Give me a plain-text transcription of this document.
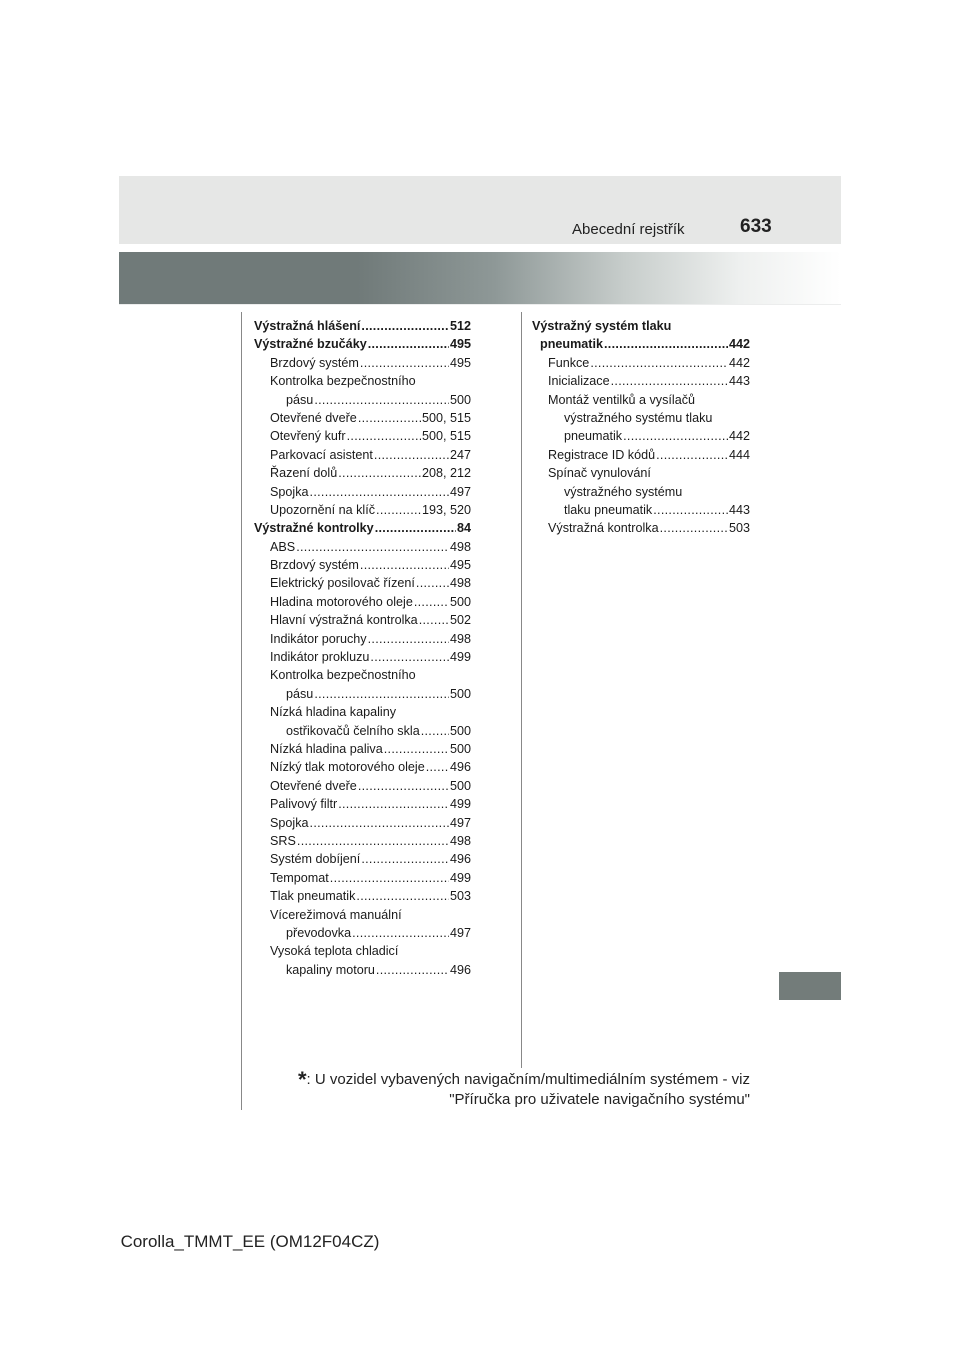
Abecední rejstřík	633
Výstražná hlášení .....	512
Výstražné bzučáky .....	495
Brzdový systém .....	495
Kontrolka bezpečnostního
pásu .....	500
Otevřené dveře .....	500, 515
Otevřený kufr .....	500, 515
Parkovací asistent .....	247
Řazení dolů .....	208, 212
Spojka .....	497
Upozornění na klíč .....	193, 520
Výstražné kontrolky .....	84
ABS .....	498
Brzdový systém .....	495
Elektrický posilovač řízení .....	498
Hladina motorového oleje .....	500
Hlavní výstražná kontrolka .....	502
Indikátor poruchy .....	498
Indikátor prokluzu .....	499
Kontrolka bezpečnostního
pásu .....	500
Nízká hladina kapaliny
ostřikovačů čelního skla ..... 500
Nízká hladina paliva .....	500
Nízký tlak motorového oleje ..... 496
Otevřené dveře .....	500
Palivový filtr .....	499
Spojka .....	497
SRS .....	498
Systém dobíjení .....	496
Tempomat .....	499
Tlak pneumatik .....	503
Vícerežimová manuální
převodovka .....	497
Vysoká teplota chladicí
kapaliny motoru .....	496
Výstražný systém tlaku
pneumatik .....	442
Funkce .....	442
Inicializace .....	443
Montáž ventilků a vysílačů
výstražného systému tlaku
pneumatik .....	442
Registrace ID kódů .....	444
Spínač vynulování
výstražného systému
tlaku pneumatik .....	443
Výstražná kontrolka .....	503
*: U vozidel vybavených navigačním/multimediálním systémem - viz
"Příručka pro uživatele navigačního systému"
Corolla_TMMT_EE (OM12F04CZ)
